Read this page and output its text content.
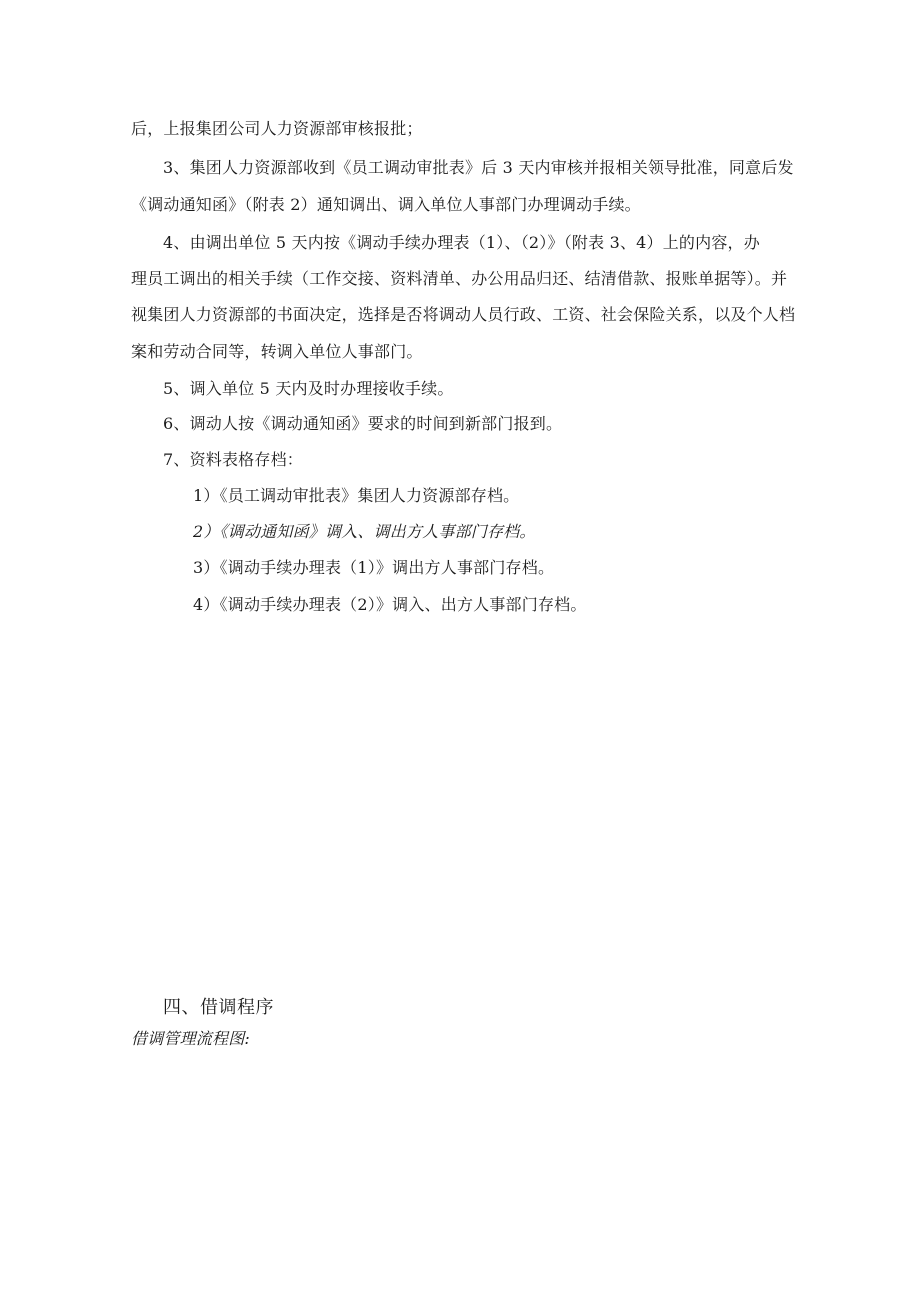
后，上报集团公司人力资源部审核报批；
3、集团人力资源部收到《员工调动审批表》后 3 天内审核并报相关领导批准，同意后发
《调动通知函》（附表 2）通知调出、调入单位人事部门办理调动手续。
4、由调出单位 5 天内按《调动手续办理表（1）、（2）》（附表 3、4）上的内容，办
理员工调出的相关手续（工作交接、资料清单、办公用品归还、结清借款、报账单据等）。并
视集团人力资源部的书面决定，选择是否将调动人员行政、工资、社会保险关系，以及个人档
案和劳动合同等，转调入单位人事部门。
5、调入单位 5 天内及时办理接收手续。
6、调动人按《调动通知函》要求的时间到新部门报到。
7、资料表格存档：
1）《员工调动审批表》集团人力资源部存档。
2）《调动通知函》调入、调出方人事部门存档。
3）《调动手续办理表（1）》调出方人事部门存档。
4）《调动手续办理表（2）》调入、出方人事部门存档。
四、借调程序
借调管理流程图:
